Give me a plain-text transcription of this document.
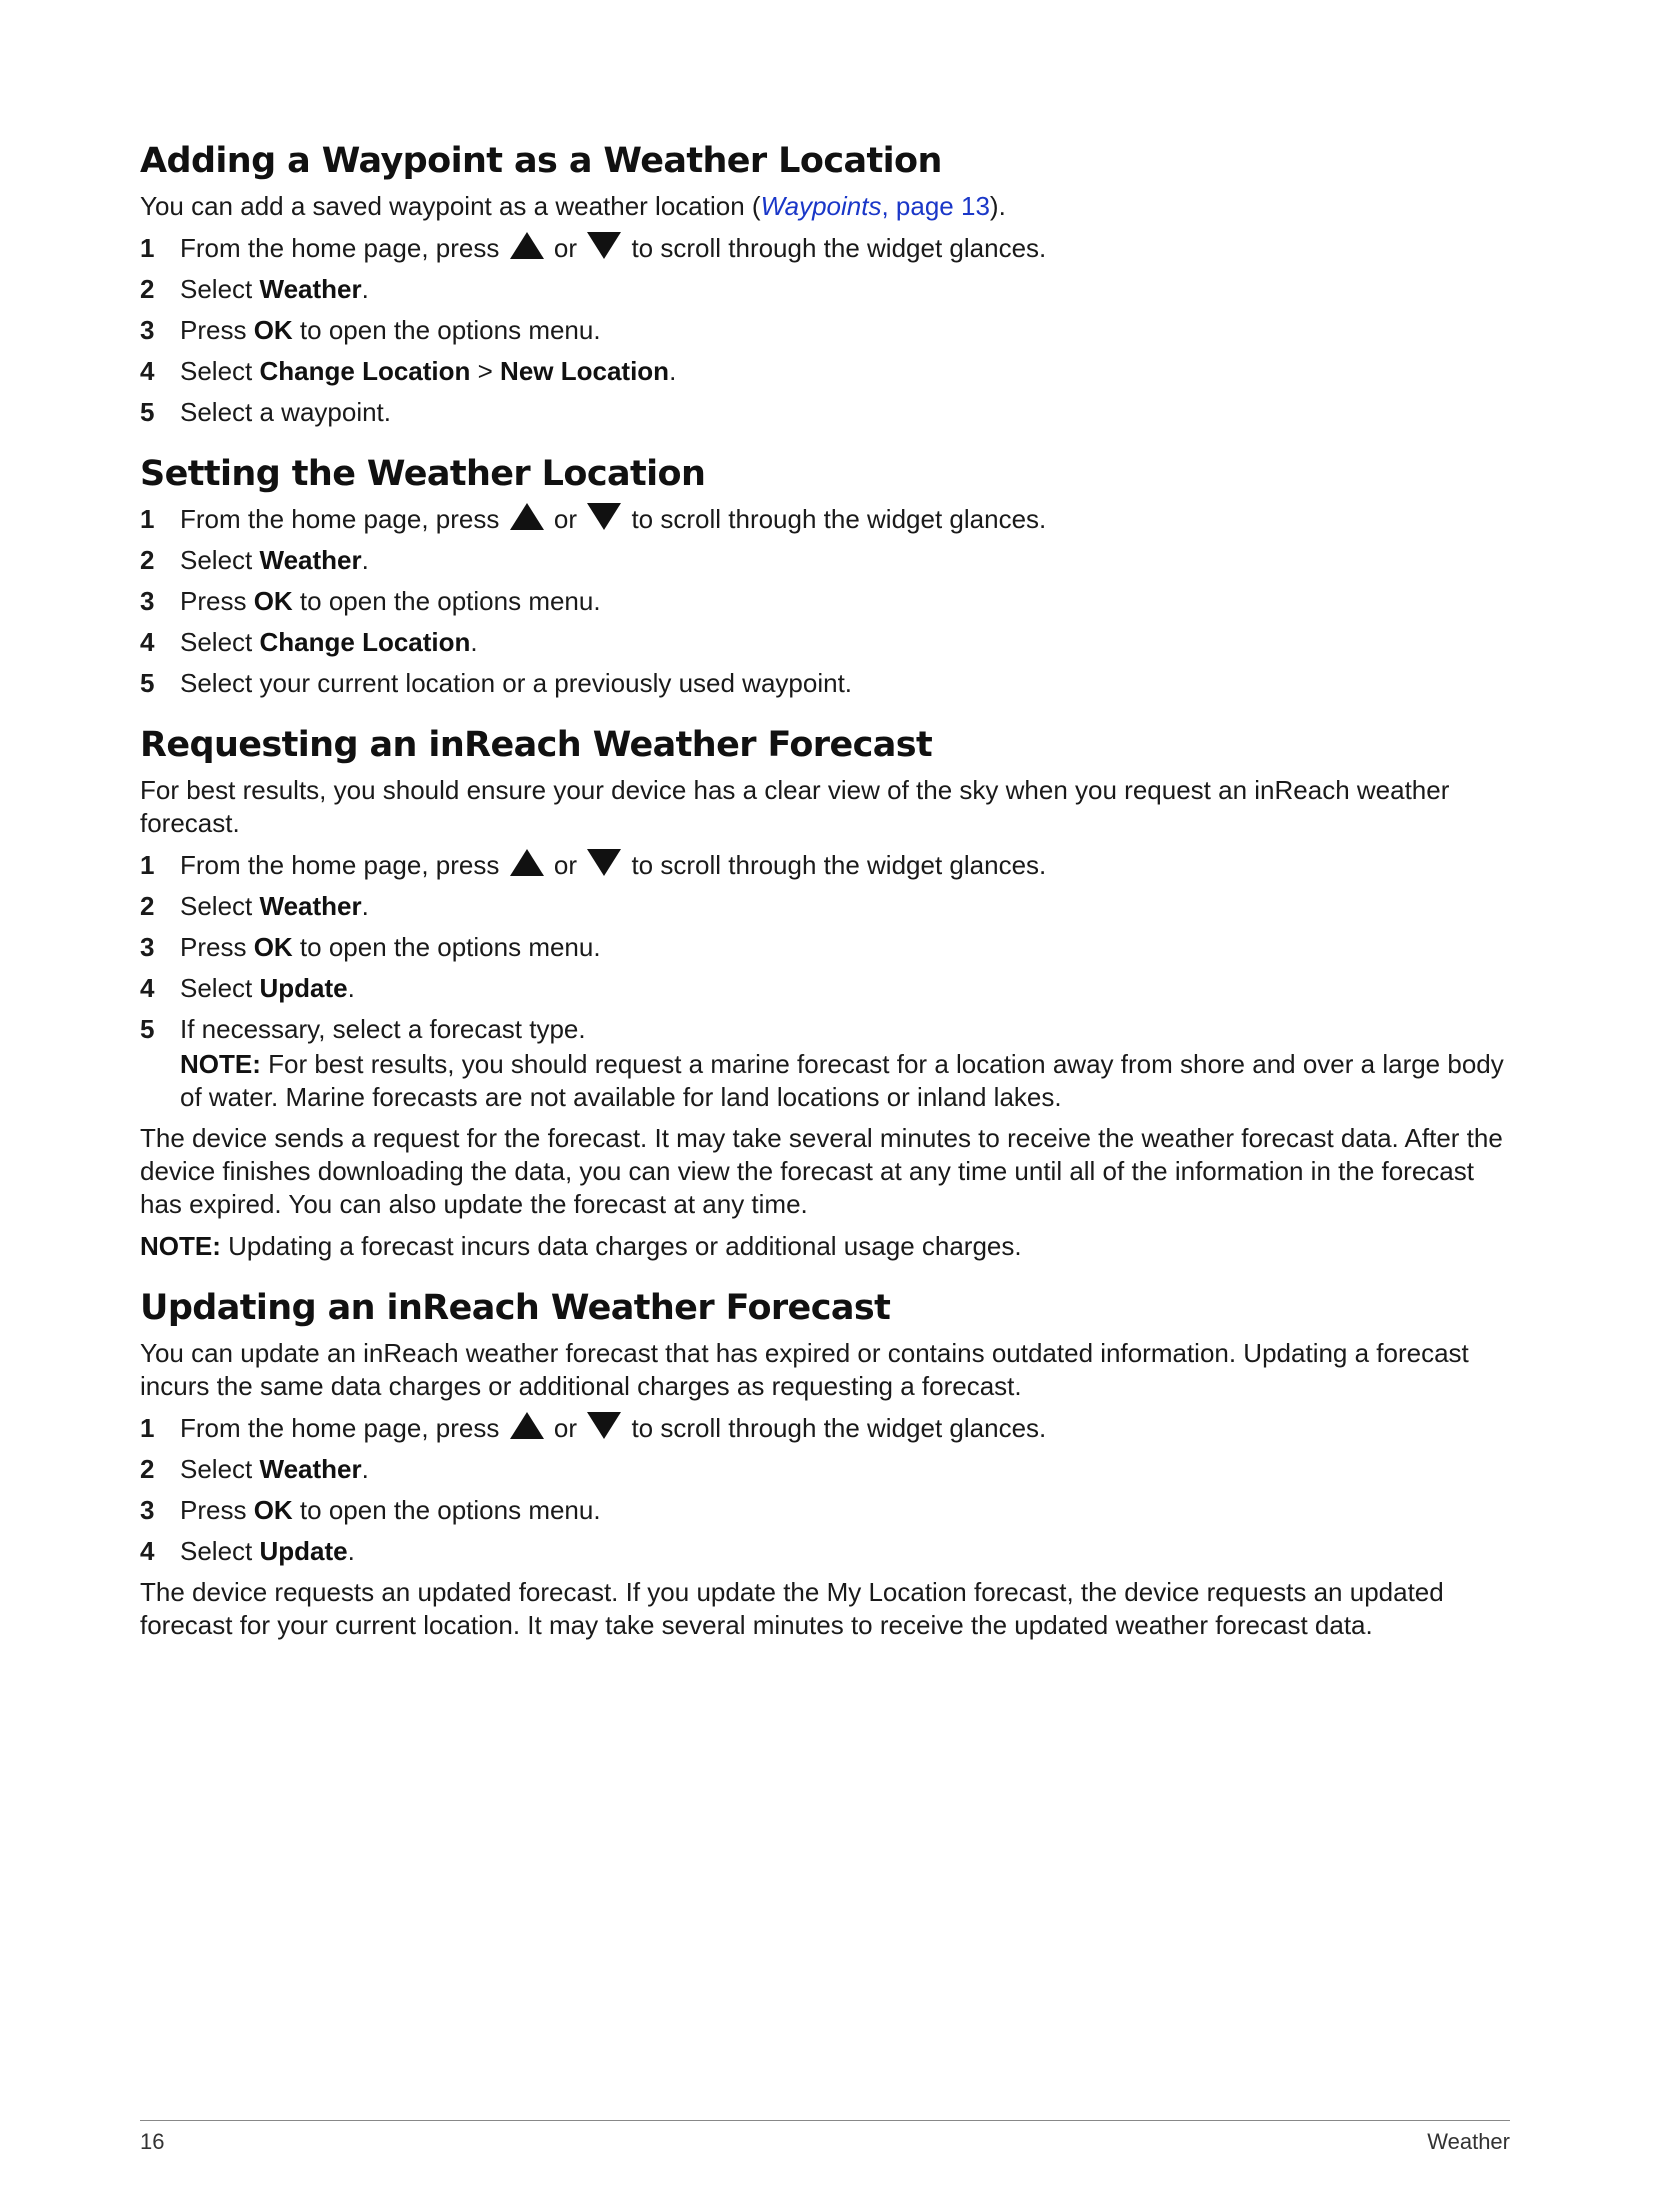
Adding a Waypoint as a Weather Location

You can add a saved waypoint as a weather location (Waypoints, page 13).

1 From the home page, press or to scroll through the widget glances.
2 Select Weather.
3 Press OK to open the options menu.
4 Select Change Location > New Location.
5 Select a waypoint.
Setting the Weather Location
1 From the home page, press or to scroll through the widget glances.
2 Select Weather.
3 Press OK to open the options menu.
4 Select Change Location.
5 Select your current location or a previously used waypoint.
Requesting an inReach Weather Forecast

For best results, you should ensure your device has a clear view of the sky when you request an inReach weather forecast.

1 From the home page, press or to scroll through the widget glances.
2 Select Weather.
3 Press OK to open the options menu.
4 Select Update.
5 If necessary, select a forecast type.
NOTE: For best results, you should request a marine forecast for a location away from shore and over a large body of water. Marine forecasts are not available for land locations or inland lakes.

The device sends a request for the forecast. It may take several minutes to receive the weather forecast data. After the device finishes downloading the data, you can view the forecast at any time until all of the information in the forecast has expired. You can also update the forecast at any time.

NOTE: Updating a forecast incurs data charges or additional usage charges.

Updating an inReach Weather Forecast

You can update an inReach weather forecast that has expired or contains outdated information. Updating a forecast incurs the same data charges or additional charges as requesting a forecast.

1 From the home page, press or to scroll through the widget glances.
2 Select Weather.
3 Press OK to open the options menu.
4 Select Update.

The device requests an updated forecast. If you update the My Location forecast, the device requests an updated forecast for your current location. It may take several minutes to receive the updated weather forecast data.

16	Weather
